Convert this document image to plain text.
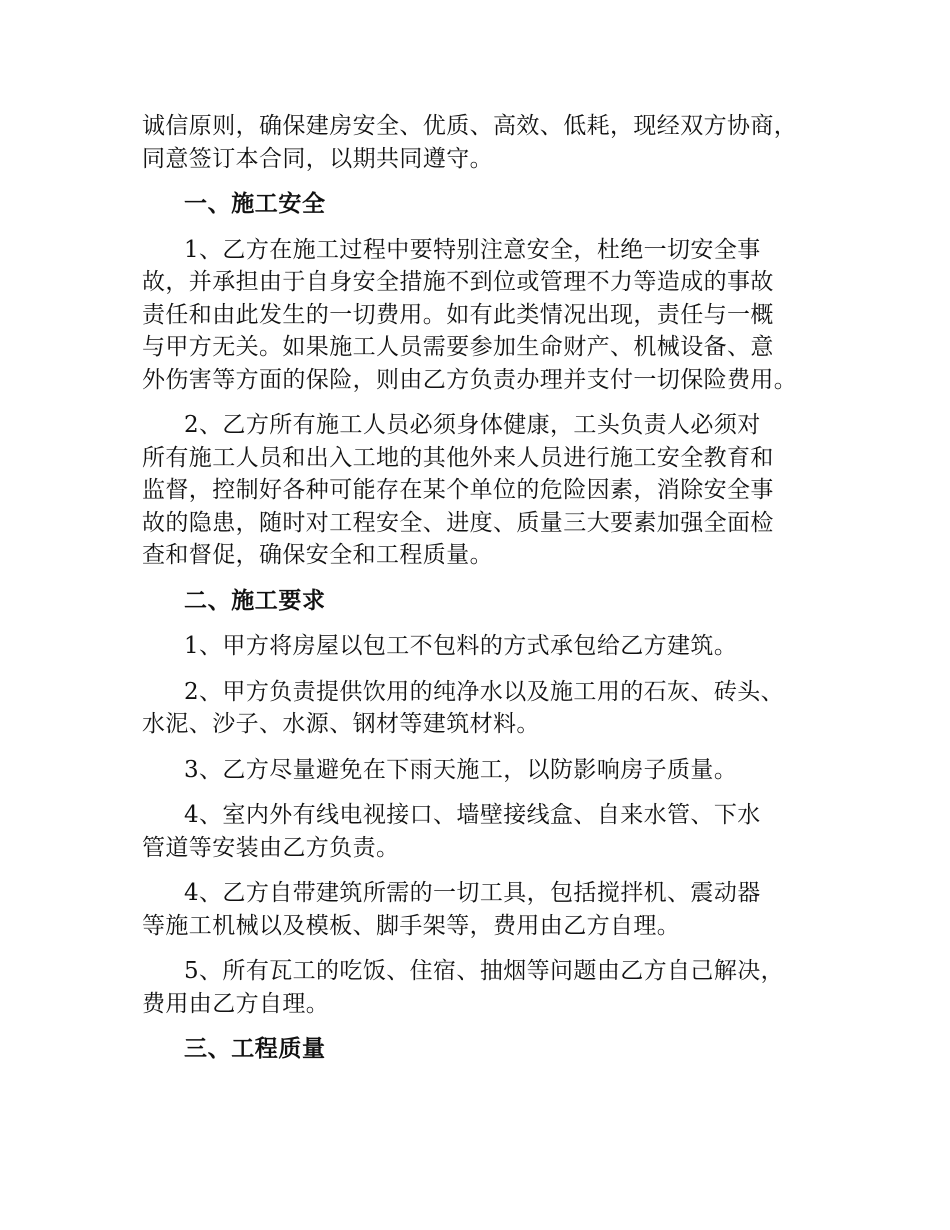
诚信原则，确保建房安全、优质、高效、低耗，现经双方协商，
同意签订本合同，以期共同遵守。

一、施工安全

1、乙方在施工过程中要特别注意安全，杜绝一切安全事
故，并承担由于自身安全措施不到位或管理不力等造成的事故
责任和由此发生的一切费用。如有此类情况出现，责任与一概
与甲方无关。如果施工人员需要参加生命财产、机械设备、意
外伤害等方面的保险，则由乙方负责办理并支付一切保险费用。

2、乙方所有施工人员必须身体健康，工头负责人必须对
所有施工人员和出入工地的其他外来人员进行施工安全教育和
监督，控制好各种可能存在某个单位的危险因素，消除安全事
故的隐患，随时对工程安全、进度、质量三大要素加强全面检
查和督促，确保安全和工程质量。

二、施工要求

1、甲方将房屋以包工不包料的方式承包给乙方建筑。

2、甲方负责提供饮用的纯净水以及施工用的石灰、砖头、
水泥、沙子、水源、钢材等建筑材料。

3、乙方尽量避免在下雨天施工，以防影响房子质量。

4、室内外有线电视接口、墙壁接线盒、自来水管、下水
管道等安装由乙方负责。

4、乙方自带建筑所需的一切工具，包括搅拌机、震动器
等施工机械以及模板、脚手架等，费用由乙方自理。

5、所有瓦工的吃饭、住宿、抽烟等问题由乙方自己解决，
费用由乙方自理。

三、工程质量
